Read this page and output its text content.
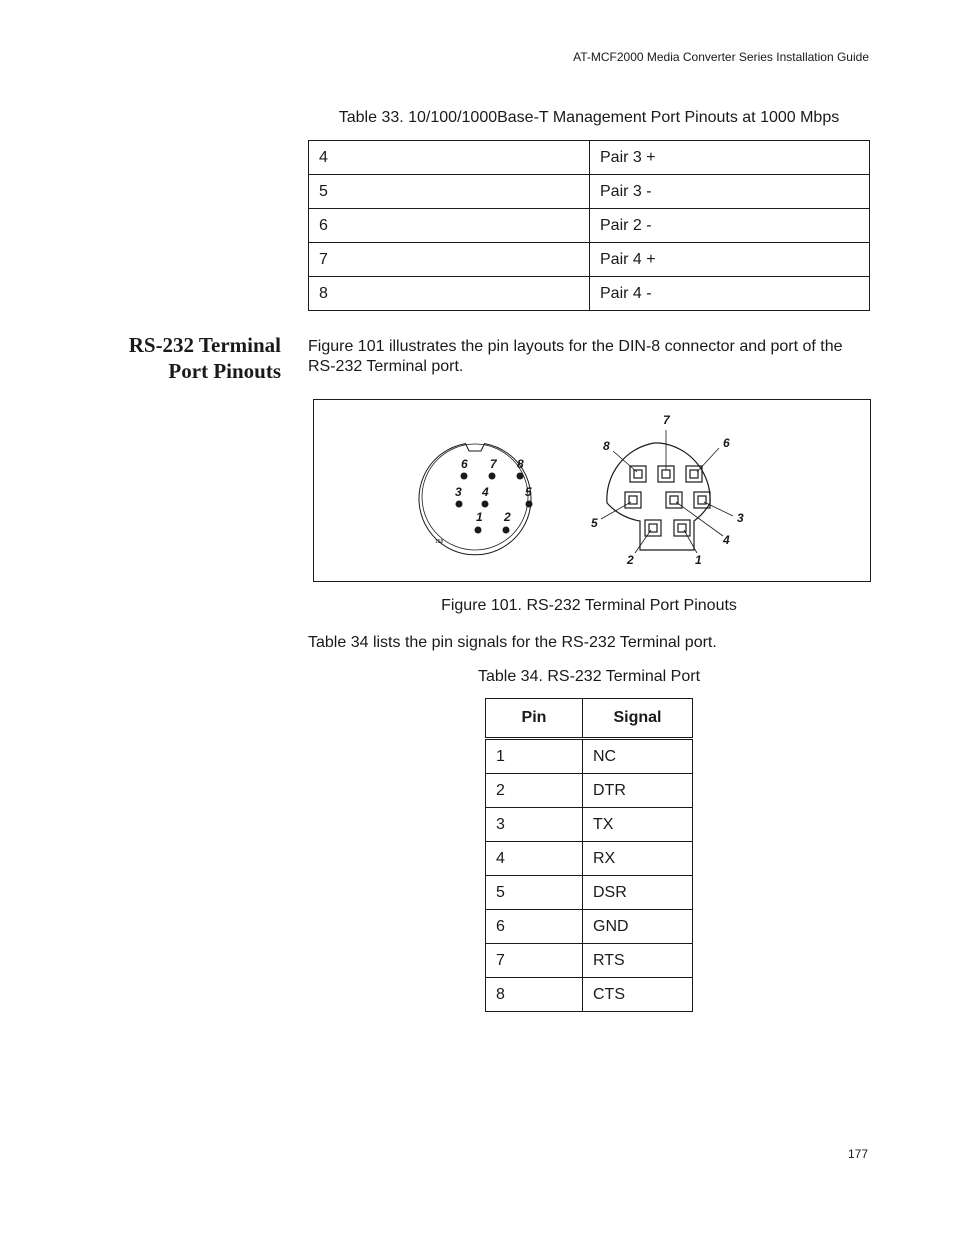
AT-MCF2000 Media Converter Series Installation Guide
Table 33. 10/100/1000Base-T Management Port Pinouts at 1000 Mbps
4	Pair 3 +
5	Pair 3 -
6	Pair 2 -
7	Pair 4 +
8	Pair 4 -
RS-232 Terminal
Port Pinouts
Figure 101 illustrates the pin layouts for the DIN-8 connector and port of the RS-232 Terminal port.
6 7 8
3 4	5
1 2
158
7
8	6
5	3
4
2	1
Figure 101. RS-232 Terminal Port Pinouts
Table 34 lists the pin signals for the RS-232 Terminal port.
Table 34. RS-232 Terminal Port
Pin	Signal
1	NC
2	DTR
3	TX
4	RX
5	DSR
6	GND
7	RTS
8	CTS
177
